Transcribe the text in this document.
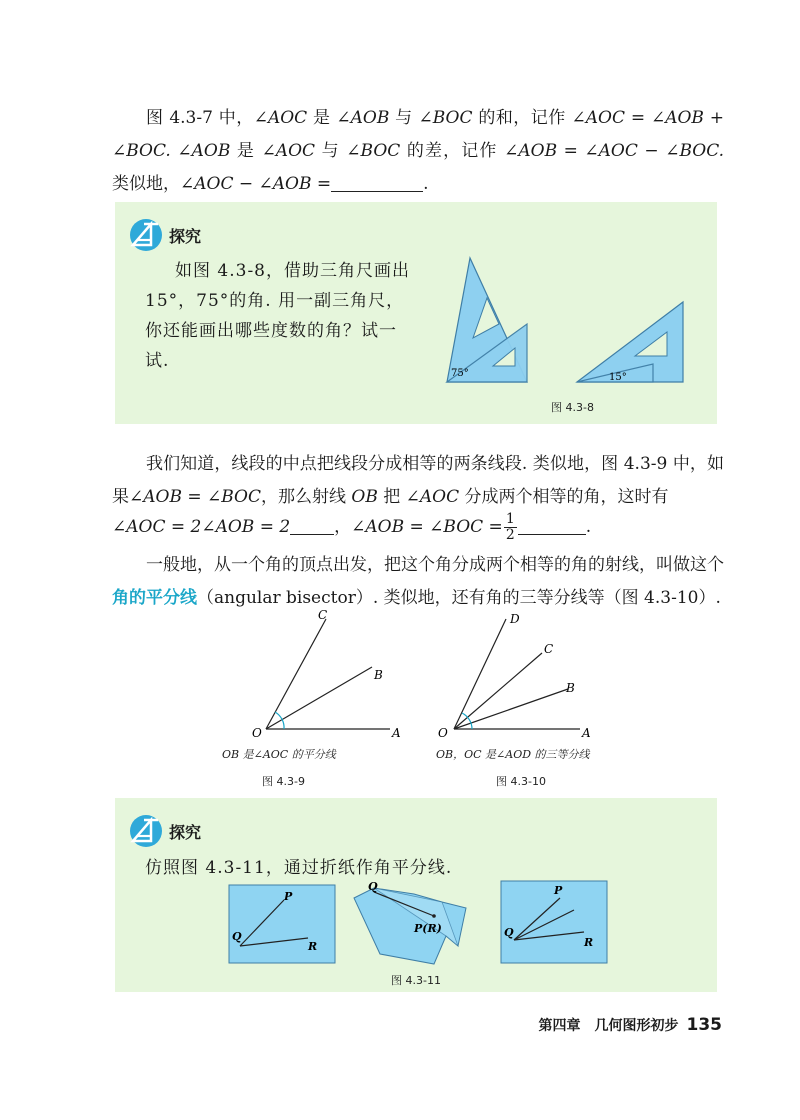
图 4.3-7 中，∠AOC 是 ∠AOB 与 ∠BOC 的和，记作 ∠AOC = ∠AOB + ∠BOC. ∠AOB 是 ∠AOC 与 ∠BOC 的差，记作 ∠AOB = ∠AOC − ∠BOC. 类似地，∠AOC − ∠AOB =	.
探究
如图 4.3-8，借助三角尺画出 15°，75°的角. 用一副三角尺，你还能画出哪些度数的角？试一试.
75°	15°
图 4.3-8
我们知道，线段的中点把线段分成相等的两条线段. 类似地，图 4.3-9 中，如果∠AOB = ∠BOC，那么射线 OB 把 ∠AOC 分成两个相等的角，这时有
∠AOC = 2∠AOB = 2	，∠AOB = ∠BOC = $\frac{1}{2}$	.
一般地，从一个角的顶点出发，把这个角分成两个相等的角的射线，叫做这个角的平分线（angular bisector）. 类似地，还有角的三等分线等（图 4.3-10）.
C
B
O	A
OB 是∠AOC 的平分线
图 4.3-9
D
C
B
O	A
OB，OC 是∠AOD 的三等分线
图 4.3-10
探究
仿照图 4.3-11，通过折纸作角平分线.
P
Q
R
Q
P(R)
P
Q
R
图 4.3-11
第四章　几何图形初步 135
